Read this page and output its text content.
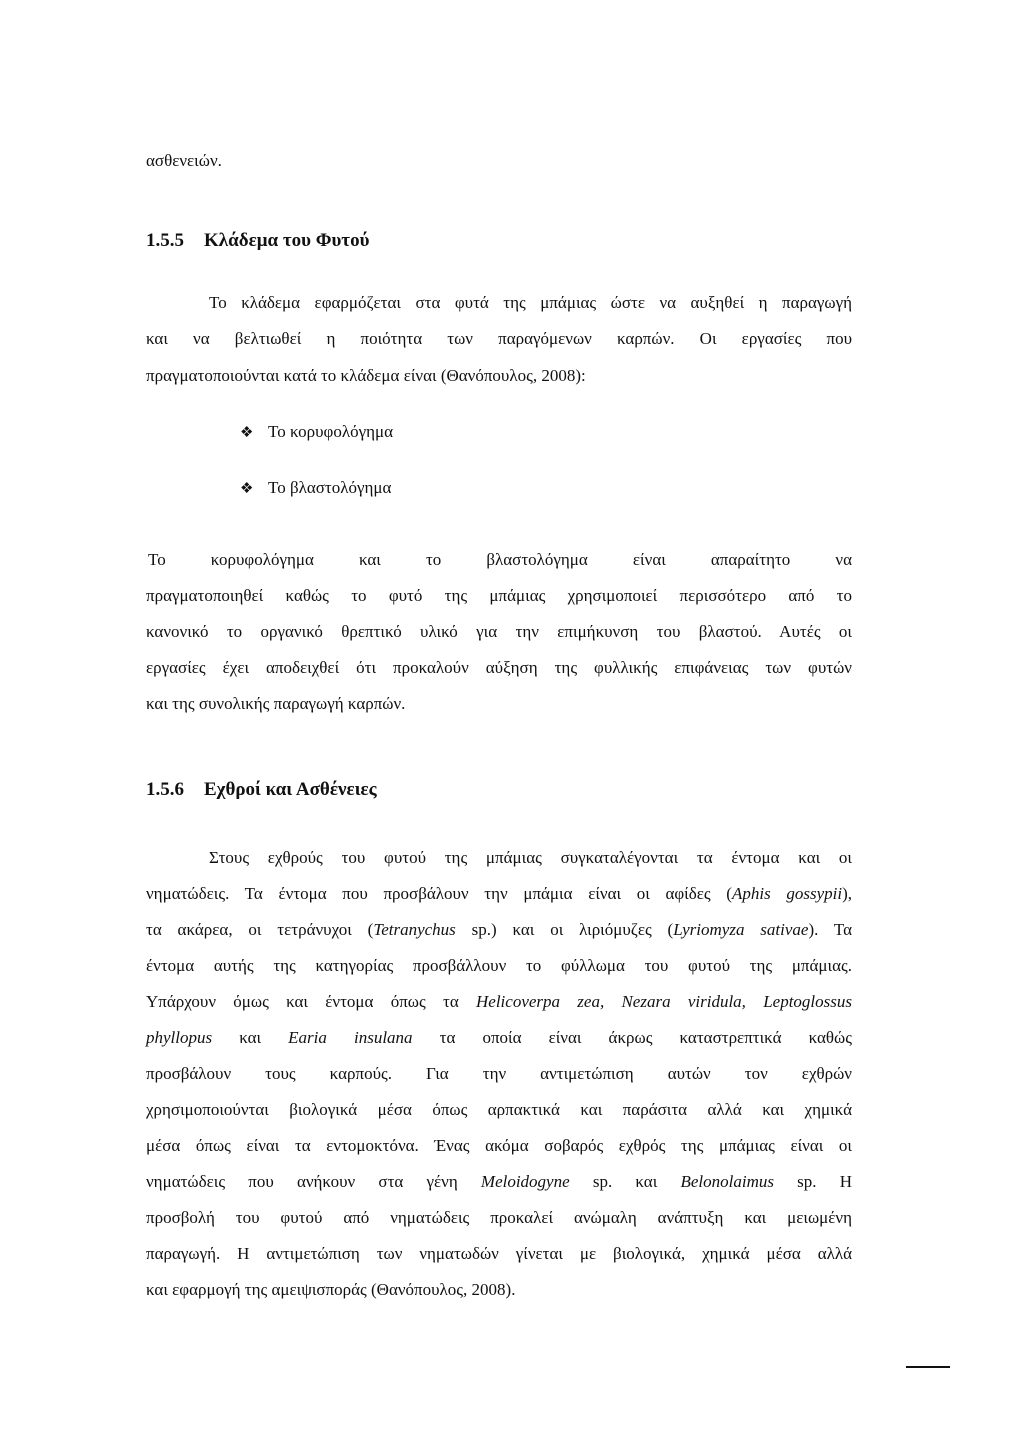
ασθενειών.
1.5.5 Κλάδεμα του Φυτού
Το κλάδεμα εφαρμόζεται στα φυτά της μπάμιας ώστε να αυξηθεί η παραγωγή
και να βελτιωθεί η ποιότητα των παραγόμενων καρπών. Οι εργασίες που
πραγματοποιούνται κατά το κλάδεμα είναι (Θανόπουλος, 2008):
❖ Το κορυφολόγημα
❖ Το βλαστολόγημα
Το κορυφολόγημα και το βλαστολόγημα είναι απαραίτητο να
πραγματοποιηθεί καθώς το φυτό της μπάμιας χρησιμοποιεί περισσότερο από το
κανονικό το οργανικό θρεπτικό υλικό για την επιμήκυνση του βλαστού. Αυτές οι
εργασίες έχει αποδειχθεί ότι προκαλούν αύξηση της φυλλικής επιφάνειας των φυτών
και της συνολικής παραγωγή καρπών.
1.5.6 Εχθροί και Ασθένειες
Στους εχθρούς του φυτού της μπάμιας συγκαταλέγονται τα έντομα και οι
νηματώδεις. Τα έντομα που προσβάλουν την μπάμια είναι οι αφίδες (Aphis gossypii),
τα ακάρεα, οι τετράνυχοι (Tetranychus sp.) και οι λιριόμυζες (Lyriomyza sativae). Τα
έντομα αυτής της κατηγορίας προσβάλλουν το φύλλωμα του φυτού της μπάμιας.
Υπάρχουν όμως και έντομα όπως τα Helicoverpa zea, Nezara viridula, Leptoglossus
phyllopus και Earia insulana τα οποία είναι άκρως καταστρεπτικά καθώς
προσβάλουν τους καρπούς. Για την αντιμετώπιση αυτών τον εχθρών
χρησιμοποιούνται βιολογικά μέσα όπως αρπακτικά και παράσιτα αλλά και χημικά
μέσα όπως είναι τα εντομοκτόνα. Ένας ακόμα σοβαρός εχθρός της μπάμιας είναι οι
νηματώδεις που ανήκουν στα γένη Meloidogyne sp. και Belonolaimus sp. Η
προσβολή του φυτού από νηματώδεις προκαλεί ανώμαλη ανάπτυξη και μειωμένη
παραγωγή. Η αντιμετώπιση των νηματωδών γίνεται με βιολογικά, χημικά μέσα αλλά
και εφαρμογή της αμειψισποράς (Θανόπουλος, 2008).
